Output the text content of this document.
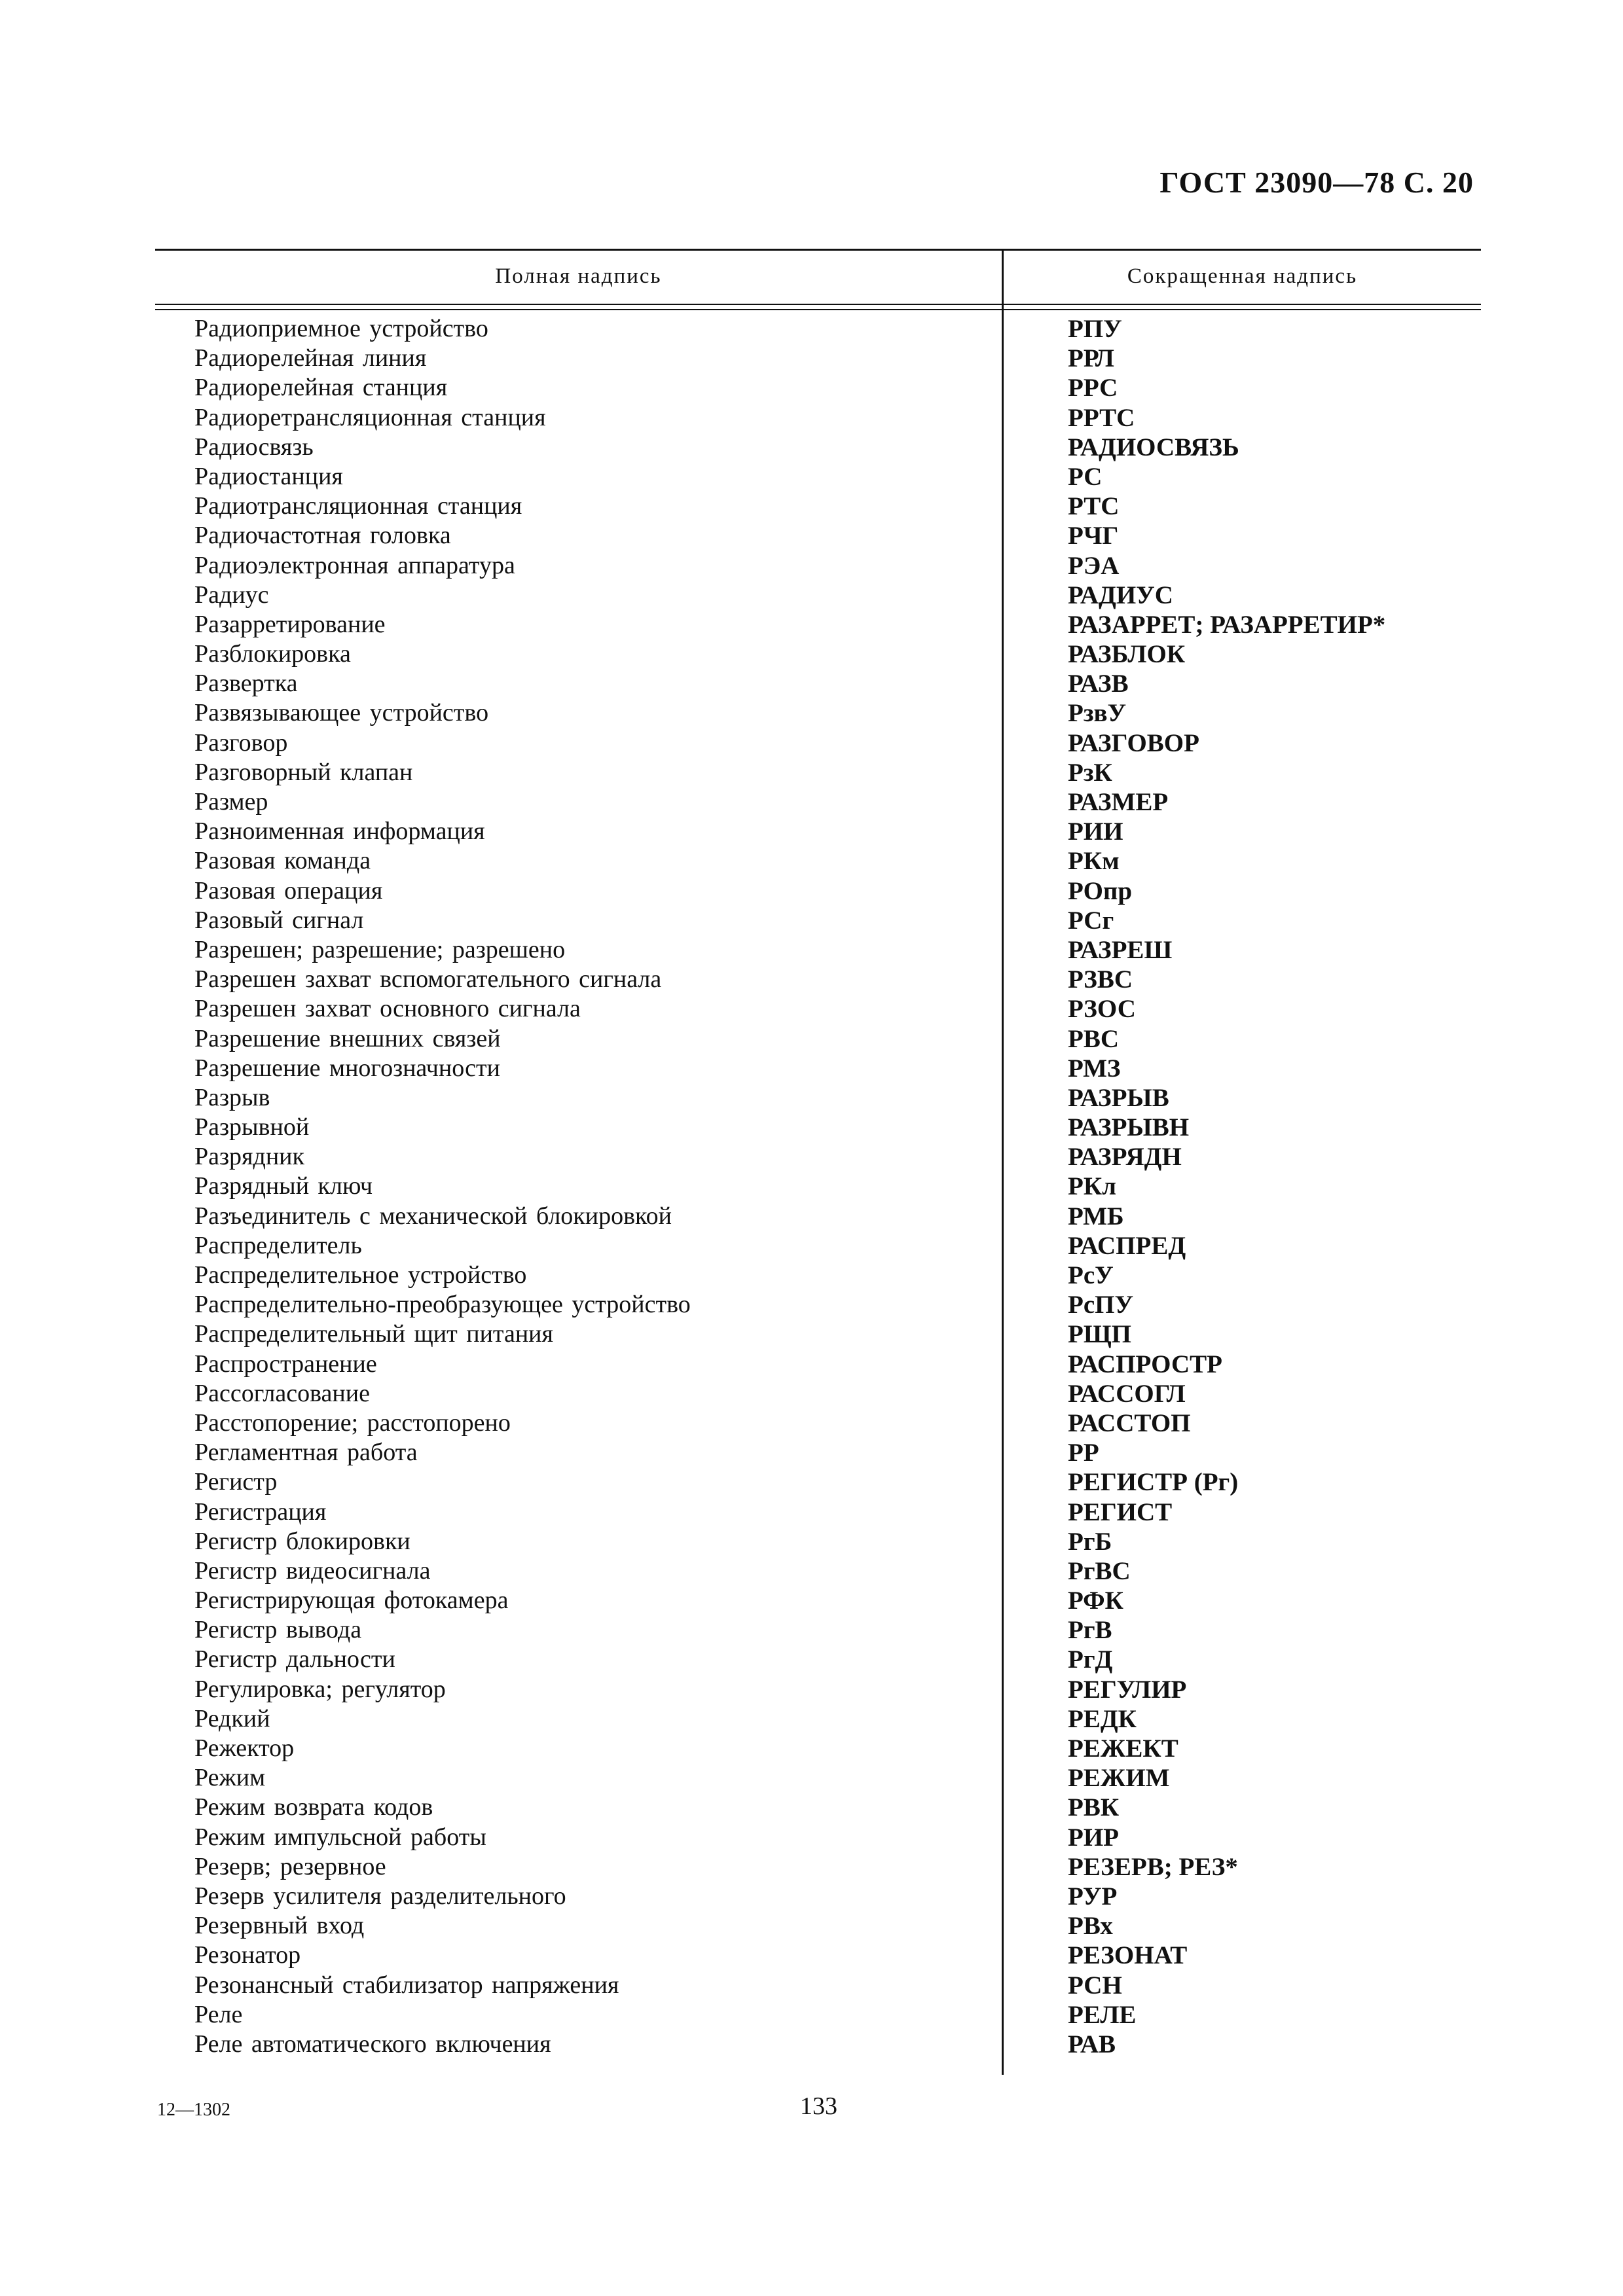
ГОСТ 23090—78 С. 20
Полная надпись	Сокращенная надпись
Радиоприемное устройство	РПУ
Радиорелейная линия	РРЛ
Радиорелейная станция	РРС
Радиоретрансляционная станция	РРТС
Радиосвязь	РАДИОСВЯЗЬ
Радиостанция	РС
Радиотрансляционная станция	РТС
Радиочастотная головка	РЧГ
Радиоэлектронная аппаратура	РЭА
Радиус	РАДИУС
Разарретирование	РАЗАРРЕТ; РАЗАРРЕТИР*
Разблокировка	РАЗБЛОК
Развертка	РАЗВ
Развязывающее устройство	РзвУ
Разговор	РАЗГОВОР
Разговорный клапан	РзК
Размер	РАЗМЕР
Разноименная информация	РИИ
Разовая команда	РКм
Разовая операция	РОпр
Разовый сигнал	РСг
Разрешен; разрешение; разрешено	РАЗРЕШ
Разрешен захват вспомогательного сигнала	РЗВС
Разрешен захват основного сигнала	РЗОС
Разрешение внешних связей	РВС
Разрешение многозначности	РМЗ
Разрыв	РАЗРЫВ
Разрывной	РАЗРЫВН
Разрядник	РАЗРЯДН
Разрядный ключ	РКл
Разъединитель с механической блокировкой	РМБ
Распределитель	РАСПРЕД
Распределительное устройство	РсУ
Распределительно-преобразующее устройство	РсПУ
Распределительный щит питания	РЩП
Распространение	РАСПРОСТР
Рассогласование	РАССОГЛ
Расстопорение; расстопорено	РАССТОП
Регламентная работа	РР
Регистр	РЕГИСТР (Рг)
Регистрация	РЕГИСТ
Регистр блокировки	РгБ
Регистр видеосигнала	РгВС
Регистрирующая фотокамера	РФК
Регистр вывода	РгВ
Регистр дальности	РгД
Регулировка; регулятор	РЕГУЛИР
Редкий	РЕДК
Режектор	РЕЖЕКТ
Режим	РЕЖИМ
Режим возврата кодов	РВК
Режим импульсной работы	РИР
Резерв; резервное	РЕЗЕРВ; РЕЗ*
Резерв усилителя разделительного	РУР
Резервный вход	РВх
Резонатор	РЕЗОНАТ
Резонансный стабилизатор напряжения	РСН
Реле	РЕЛЕ
Реле автоматического включения	РАВ
12—1302	133
